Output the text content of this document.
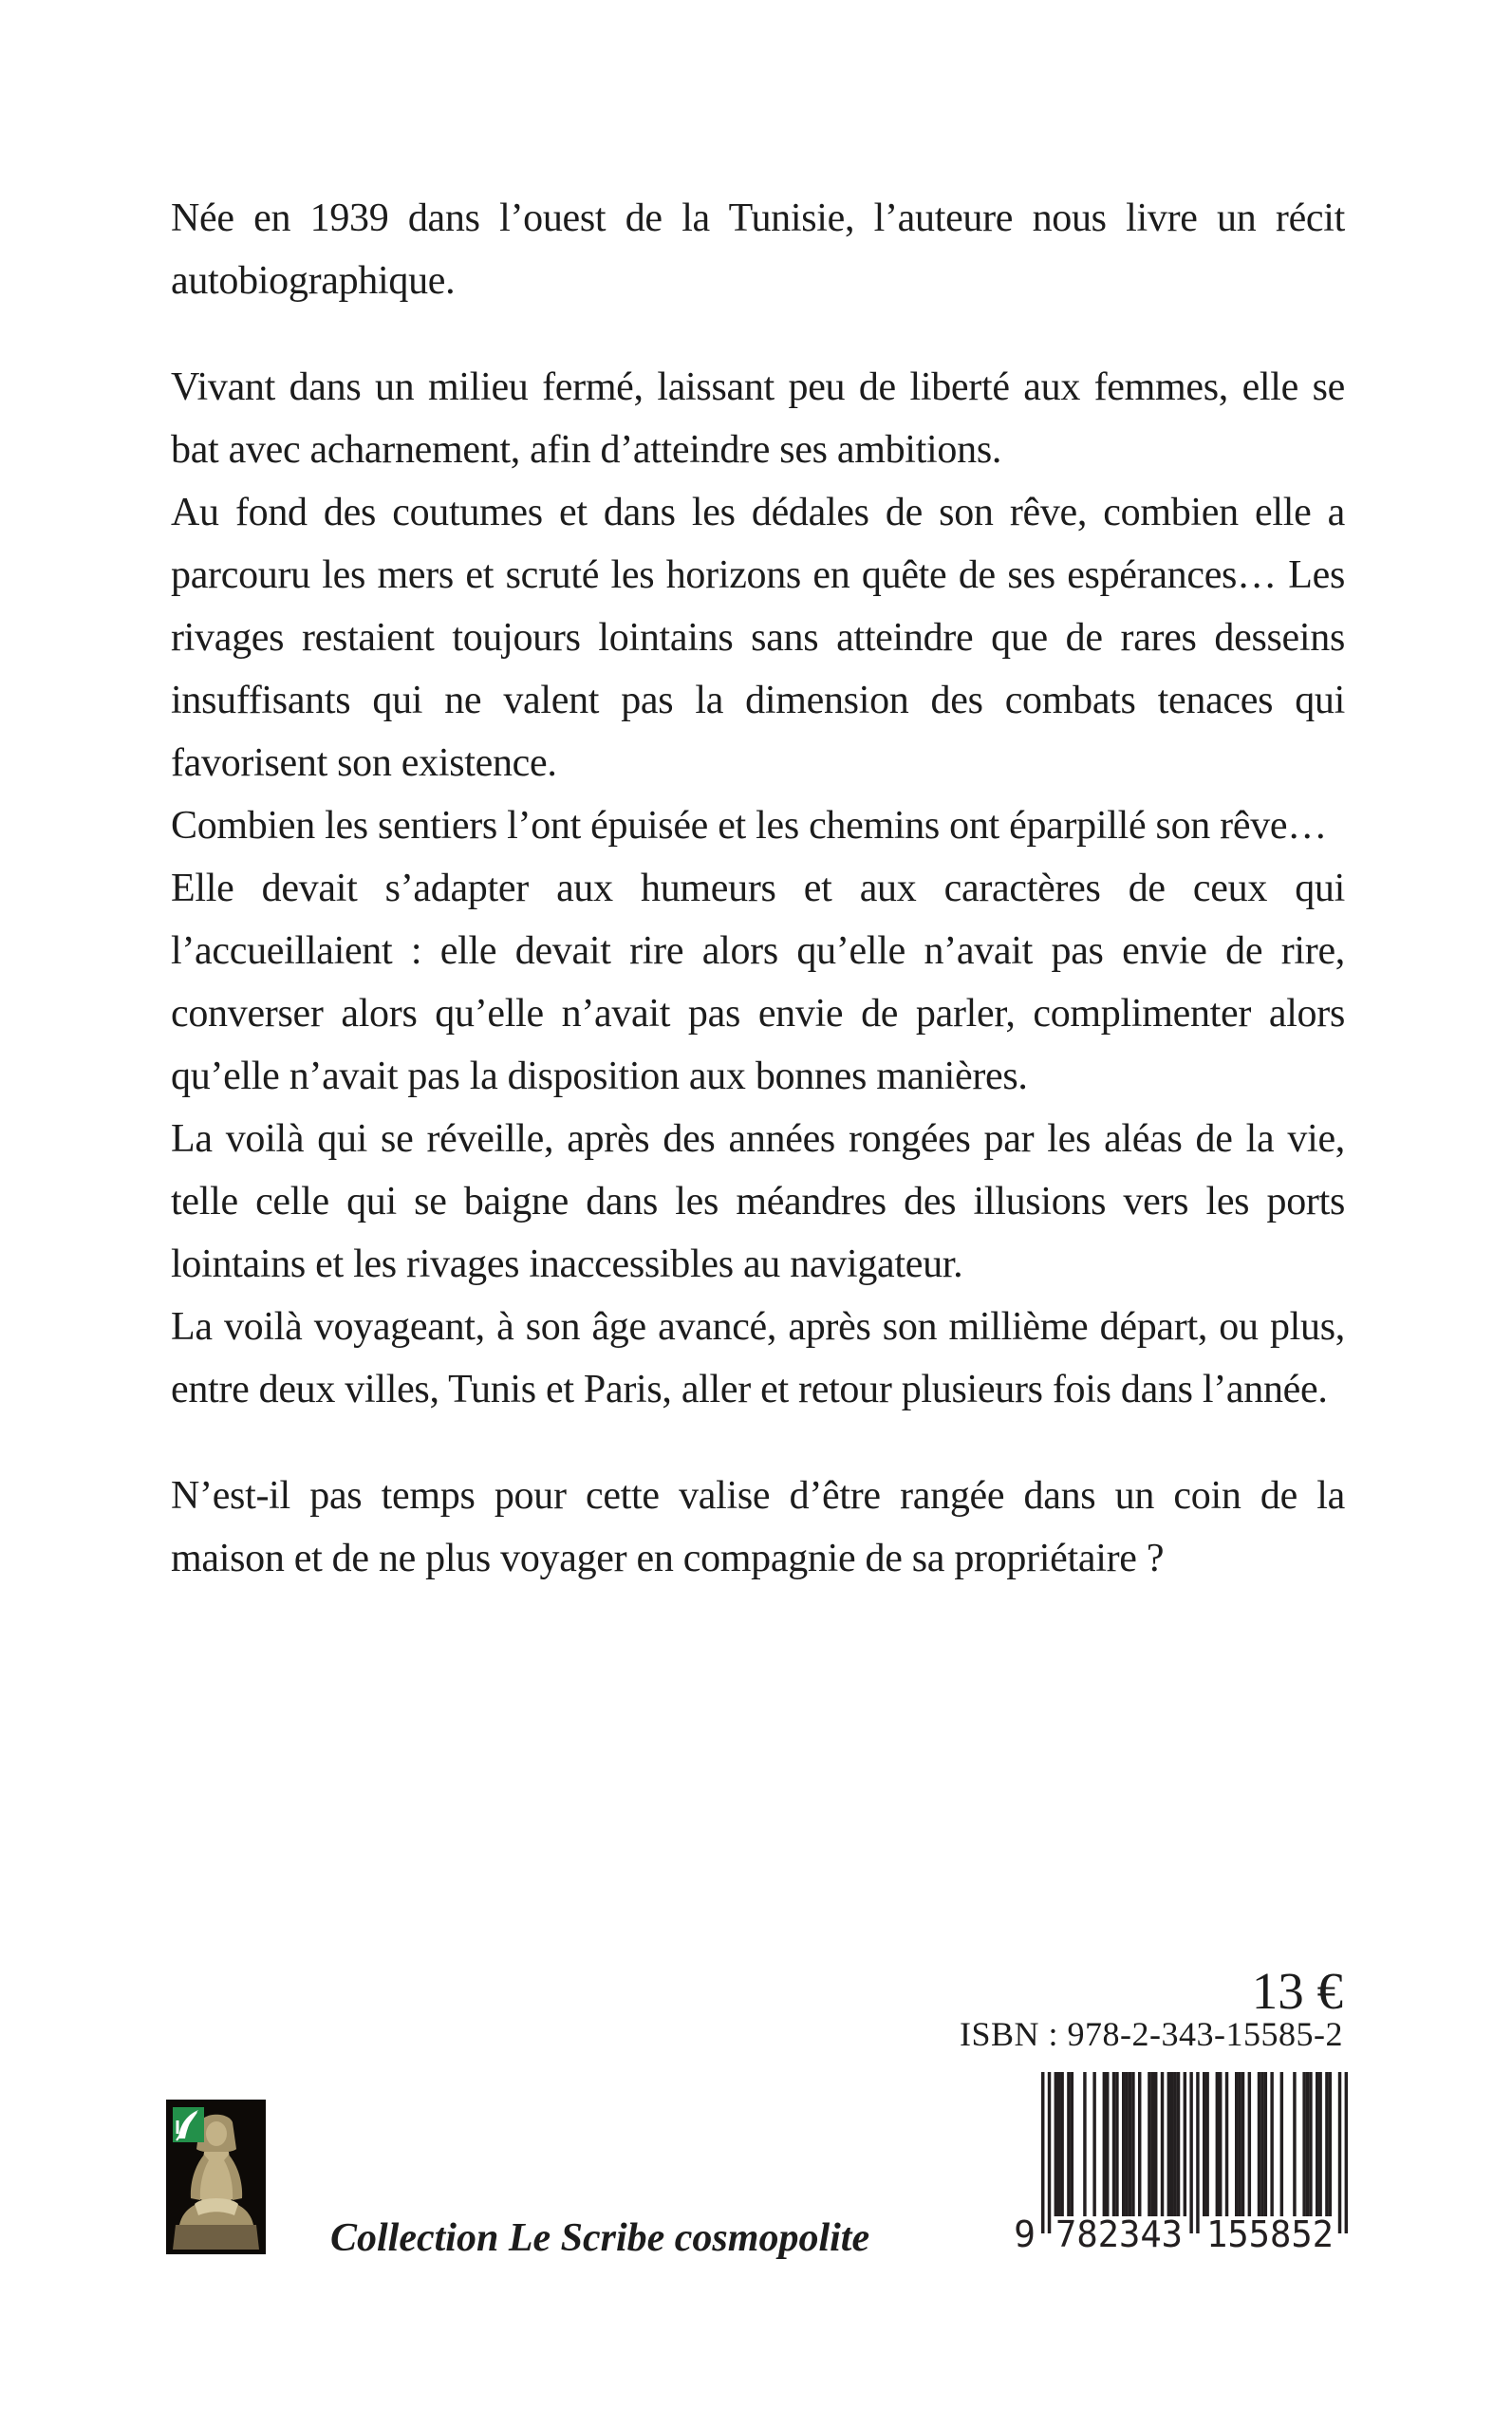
Née en 1939 dans l’ouest de la Tunisie, l’auteure nous livre un récit autobiographique.

Vivant dans un milieu fermé, laissant peu de liberté aux femmes, elle se bat avec acharnement, afin d’atteindre ses ambitions.

Au fond des coutumes et dans les dédales de son rêve, combien elle a parcouru les mers et scruté les horizons en quête de ses espérances… Les rivages restaient toujours lointains sans atteindre que de rares desseins insuffisants qui ne valent pas la dimension des combats tenaces qui favorisent son existence.

Combien les sentiers l’ont épuisée et les chemins ont éparpillé son rêve…

Elle devait s’adapter aux humeurs et aux caractères de ceux qui l’accueillaient : elle devait rire alors qu’elle n’avait pas envie de rire, converser alors qu’elle n’avait pas envie de parler, complimenter alors qu’elle n’avait pas la disposition aux bonnes manières.

La voilà qui se réveille, après des années rongées par les aléas de la vie, telle celle qui se baigne dans les méandres des illusions vers les ports lointains et les rivages inaccessibles au navigateur.

La voilà voyageant, à son âge avancé, après son millième départ, ou plus, entre deux villes, Tunis et Paris, aller et retour plusieurs fois dans l’année.

N’est-il pas temps pour cette valise d’être rangée dans un coin de la maison et de ne plus voyager en compagnie de sa propriétaire ?

13 €
ISBN : 978-2-343-15585-2
9 782343 155852
Collection Le Scribe cosmopolite
